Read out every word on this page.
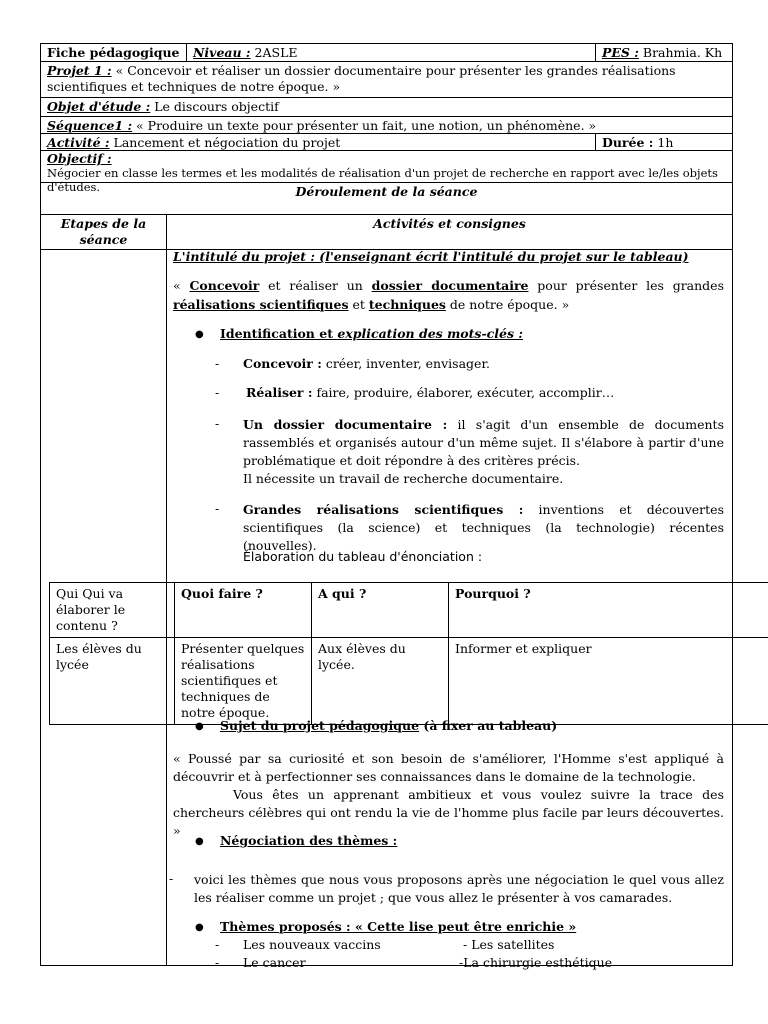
Fiche pédagogique	Niveau : 2ASLE	PES : Brahmia. Kh
Projet 1 : « Concevoir et réaliser un dossier documentaire pour présenter les grandes réalisations scientifiques et techniques de notre époque. »
Objet d'étude : Le discours objectif
Séquence1 : « Produire un texte pour présenter un fait, une notion, un phénomène. »
Activité : Lancement et négociation du projet	Durée : 1h
Objectif :
Négocier en classe les termes et les modalités de réalisation d'un projet de recherche en rapport avec le/les objets d'études.	Déroulement de la séance
Etapes de la séance
Activités et consignes
L'intitulé du projet : (l'enseignant écrit l'intitulé du projet sur le tableau)
« Concevoir et réaliser un dossier documentaire pour présenter les grandes réalisations scientifiques et techniques de notre époque. »
● Identification et explication des mots-clés :
- Concevoir : créer, inventer, envisager.
- Réaliser : faire, produire, élaborer, exécuter, accomplir…
- Un dossier documentaire : il s'agit d'un ensemble de documents rassemblés et organisés autour d'un même sujet. Il s'élabore à partir d'une problématique et doit répondre à des critères précis.
Il nécessite un travail de recherche documentaire.
- Grandes réalisations scientifiques : inventions et découvertes scientifiques (la science) et techniques (la technologie) récentes (nouvelles).
Élaboration du tableau d'énonciation :
Qui Qui va élaborer le contenu ?	Quoi faire ?	A qui ?	Pourquoi ?
Les élèves du lycée	Présenter quelques réalisations scientifiques et techniques de notre époque.	Aux élèves du lycée.	Informer et expliquer
● Sujet du projet pédagogique (à fixer au tableau)
« Poussé par sa curiosité et son besoin de s'améliorer, l'Homme s'est appliqué à découvrir et à perfectionner ses connaissances dans le domaine de la technologie.
Vous êtes un apprenant ambitieux et vous voulez suivre la trace des chercheurs célèbres qui ont rendu la vie de l'homme plus facile par leurs découvertes. »
● Négociation des thèmes :
- voici les thèmes que nous vous proposons après une négociation le quel vous allez les réaliser comme un projet ; que vous allez le présenter à vos camarades.
● Thèmes proposés : « Cette lise peut être enrichie »
- Les nouveaux vaccins	- Les satellites
- Le cancer	-La chirurgie esthétique
